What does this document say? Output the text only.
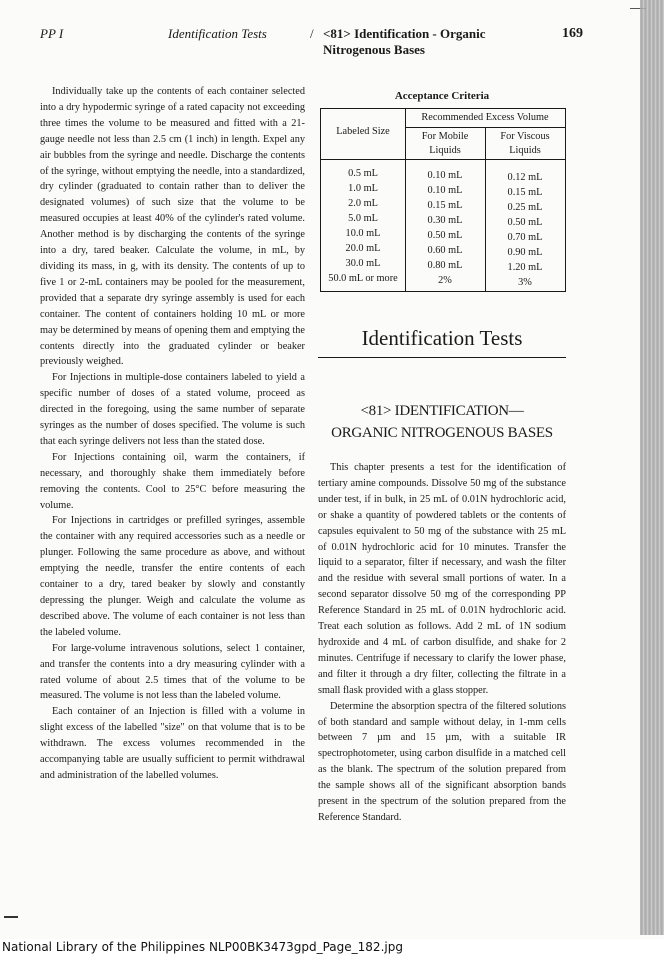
PP I	Identification Tests	/ <81> Identification - Organic Nitrogenous Bases
169

Individually take up the contents of each container selected into a dry hypodermic syringe of a rated capacity not exceeding three times the volume to be measured and fitted with a 21-gauge needle not less than 2.5 cm (1 inch) in length. Expel any air bubbles from the syringe and needle. Discharge the contents of the syringe, without emptying the needle, into a standardized, dry cylinder (graduated to contain rather than to deliver the designated volumes) of such size that the volume to be measured occupies at least 40% of the cylinder's rated volume. Another method is by discharging the contents of the syringe into a dry, tared beaker. Calculate the volume, in mL, by dividing its mass, in g, with its density. The contents of up to five 1 or 2-mL containers may be pooled for the measurement, provided that a separate dry syringe assembly is used for each container. The content of containers holding 10 mL or more may be determined by means of opening them and emptying the contents directly into the graduated cylinder or beaker previously weighed.

For Injections in multiple-dose containers labeled to yield a specific number of doses of a stated volume, proceed as directed in the foregoing, using the same number of separate syringes as the number of doses specified. The volume is such that each syringe delivers not less than the stated dose.

For Injections containing oil, warm the containers, if necessary, and thoroughly shake them immediately before removing the contents. Cool to 25°C before measuring the volume.

For Injections in cartridges or prefilled syringes, assemble the container with any required accessories such as a needle or plunger. Following the same procedure as above, and without emptying the needle, transfer the entire contents of each container to a dry, tared beaker by slowly and constantly depressing the plunger. Weigh and calculate the volume as described above. The volume of each container is not less than the labeled volume.

For large-volume intravenous solutions, select 1 container, and transfer the contents into a dry measuring cylinder with a rated volume of about 2.5 times that of the volume to be measured. The volume is not less than the labeled volume.

Each container of an Injection is filled with a volume in slight excess of the labelled "size" on that volume that is to be withdrawn. The excess volumes recommended in the accompanying table are usually sufficient to permit withdrawal and administration of the labelled volumes.

Acceptance Criteria
Labeled Size
Recommended Excess Volume
For Mobile Liquids
For Viscous Liquids
0.5 mL
1.0 mL
2.0 mL
5.0 mL
10.0 mL
20.0 mL
30.0 mL
50.0 mL or more
0.10 mL
0.10 mL
0.15 mL
0.30 mL
0.50 mL
0.60 mL
0.80 mL
2%
0.12 mL
0.15 mL
0.25 mL
0.50 mL
0.70 mL
0.90 mL
1.20 mL
3%
Identification Tests
<81> IDENTIFICATION—
ORGANIC NITROGENOUS BASES

This chapter presents a test for the identification of tertiary amine compounds. Dissolve 50 mg of the substance under test, if in bulk, in 25 mL of 0.01N hydrochloric acid, or shake a quantity of powdered tablets or the contents of capsules equivalent to 50 mg of the substance with 25 mL of 0.01N hydrochloric acid for 10 minutes. Transfer the liquid to a separator, filter if necessary, and wash the filter and the residue with several small portions of water. In a second separator dissolve 50 mg of the corresponding PP Reference Standard in 25 mL of 0.01N hydrochloric acid. Treat each solution as follows. Add 2 mL of 1N sodium hydroxide and 4 mL of carbon disulfide, and shake for 2 minutes. Centrifuge if necessary to clarify the lower phase, and filter it through a dry filter, collecting the filtrate in a small flask provided with a glass stopper.

Determine the absorption spectra of the filtered solutions of both standard and sample without delay, in 1-mm cells between 7 µm and 15 µm, with a suitable IR spectrophotometer, using carbon disulfide in a matched cell as the blank. The spectrum of the solution prepared from the sample shows all of the significant absorption bands present in the spectrum of the solution prepared from the Reference Standard.

National Library of the Philippines NLP00BK3473gpd_Page_182.jpg
